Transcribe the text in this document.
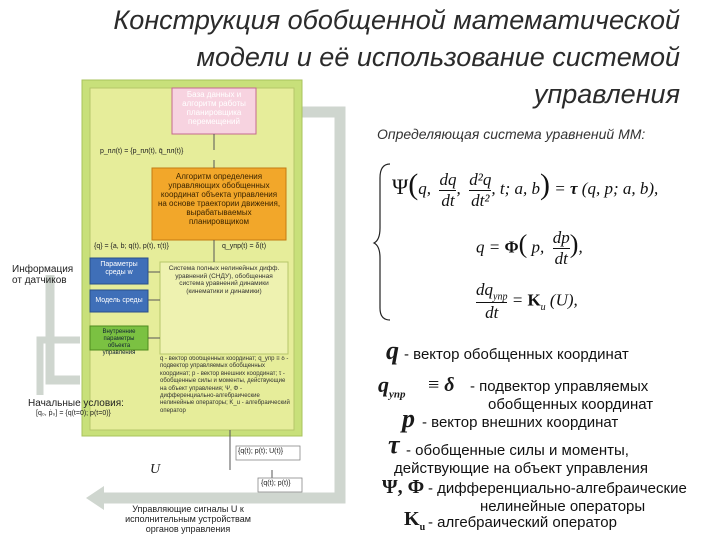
Конструкция обобщенной математической
модели и её использование системой
управления
База данных и алгоритм работы планировщика перемещений
p_пл(t) = {p_пл(t), q̄_пл(t)}
Алгоритм определения управляющих обобщенных координат объекта управления на основе траектории движения, вырабатываемых планировщиком
{q} = {a, b; q(t), p(t), τ(t)}	q_упр(t) = δ(t)
Информация от датчиков
Параметры среды w
Модель среды
Внутренние параметры объекта управления
Система полных нелинейных дифф. уравнений (СНДУ), обобщенная система уравнений динамики (кинематики и динамики)
q - вектор обобщенных координат; q_упр ≡ δ - подвектор управляемых обобщенных координат; p - вектор внешних координат; τ - обобщенные силы и моменты, действующие на объект управления; Ψ, Φ - дифференциально-алгебраические нелинейные операторы; K_u - алгебраический оператор
Начальные условия:
[q₀, ṗ₀] = {q(t=0); p(t=0)}
{q(t); p(t); U(t)}
{q(t); p(t)}
U
Управляющие сигналы U к исполнительным устройствам органов управления
Определяющая система уравнений ММ:
Ψ(q, $\frac{dq}{dt}$ , $\frac{\text{d²q}}{\text{dt²}}$ , t; a, b) = τ (q, p; a, b),
q = Φ( p, $\frac{dp}{dt}$ ),
$dq_{упр}$
dt
= $K_u$ (U),
q - вектор обобщенных координат
$q_{упр} \equiv \delta$ - подвектор управляемых
обобщенных координат
p - вектор внешних координат
τ - обобщенные силы и моменты,
действующие на объект управления
Ψ, Φ - дифференциально-алгебраические
нелинейные операторы
$K_u$ - алгебраический оператор
